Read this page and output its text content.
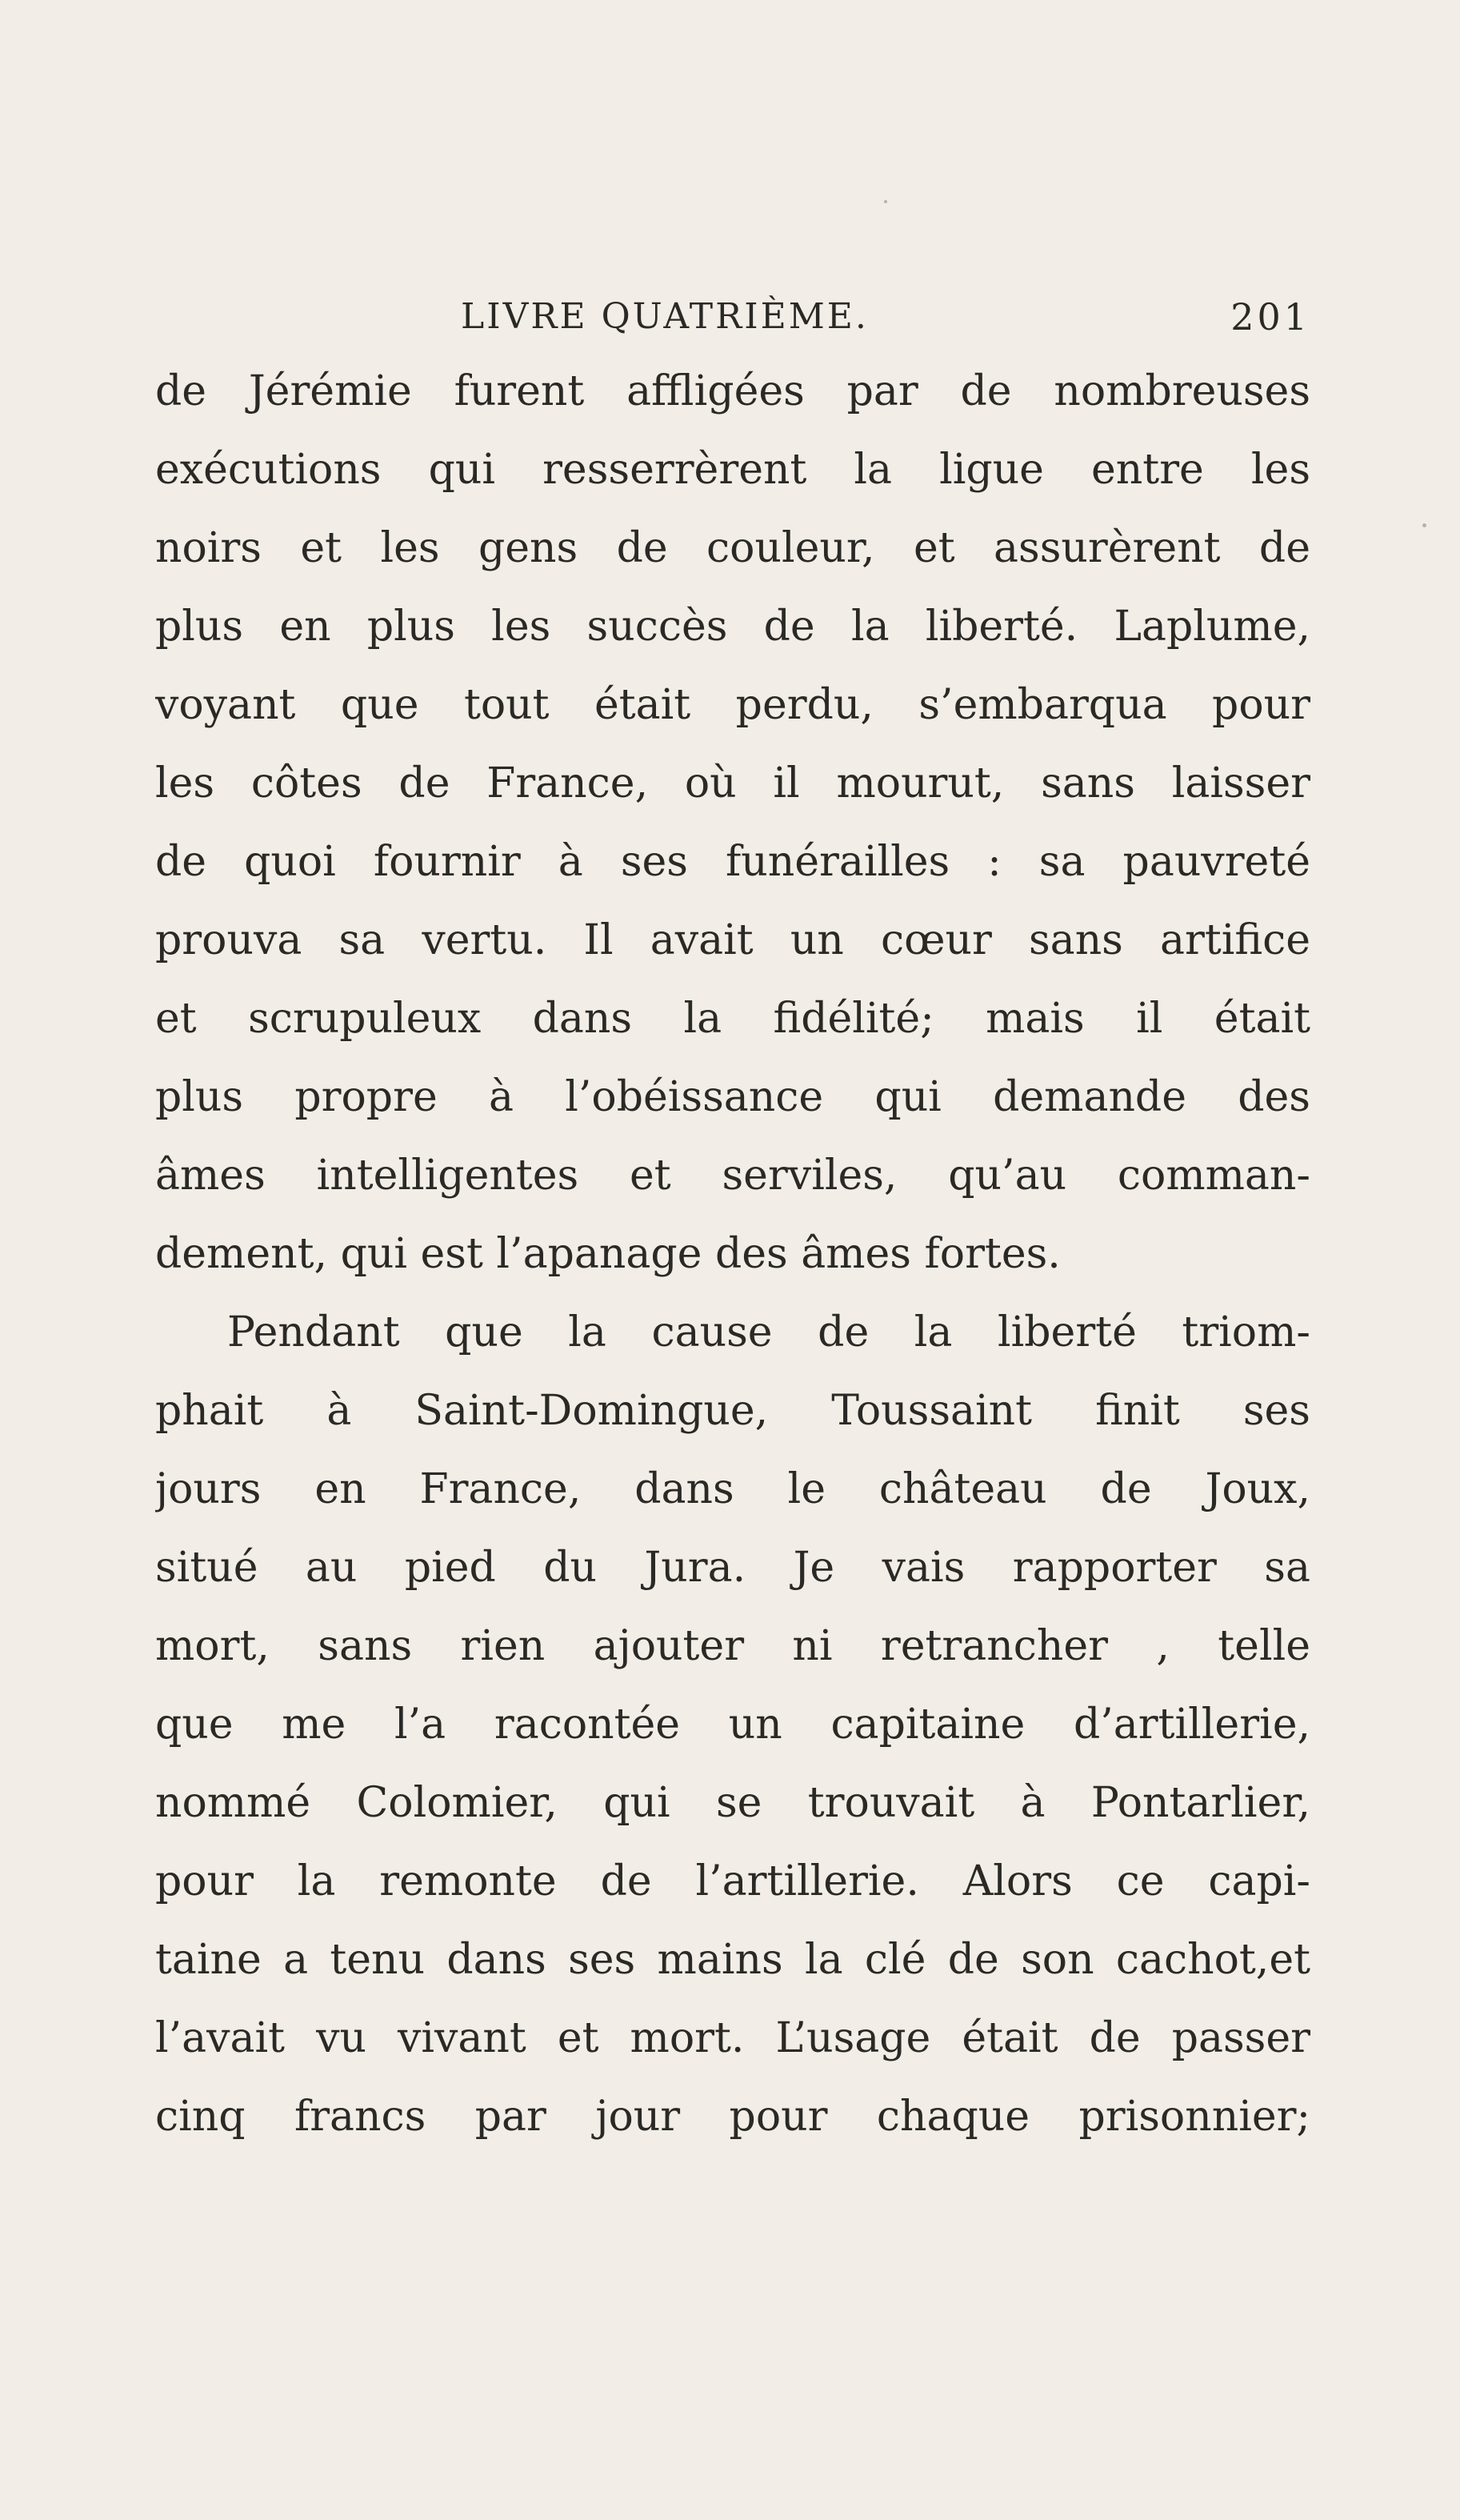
LIVRE QUATRIÈME.	201
de Jérémie furent affligées par de nombreuses
exécutions qui resserrèrent la ligue entre les
noirs et les gens de couleur, et assurèrent de
plus en plus les succès de la liberté. Laplume,
voyant que tout était perdu, s’embarqua pour
les côtes de France, où il mourut, sans laisser
de quoi fournir à ses funérailles : sa pauvreté
prouva sa vertu. Il avait un cœur sans artifice
et scrupuleux dans la fidélité; mais il était
plus propre à l’obéissance qui demande des
âmes intelligentes et serviles, qu’au comman-
dement, qui est l’apanage des âmes fortes.
Pendant que la cause de la liberté triom-
phait à Saint-Domingue, Toussaint finit ses
jours en France, dans le château de Joux,
situé au pied du Jura. Je vais rapporter sa
mort, sans rien ajouter ni retrancher , telle
que me l’a racontée un capitaine d’artillerie,
nommé Colomier, qui se trouvait à Pontarlier,
pour la remonte de l’artillerie. Alors ce capi-
taine a tenu dans ses mains la clé de son cachot,et
l’avait vu vivant et mort. L’usage était de passer
cinq francs par jour pour chaque prisonnier;
